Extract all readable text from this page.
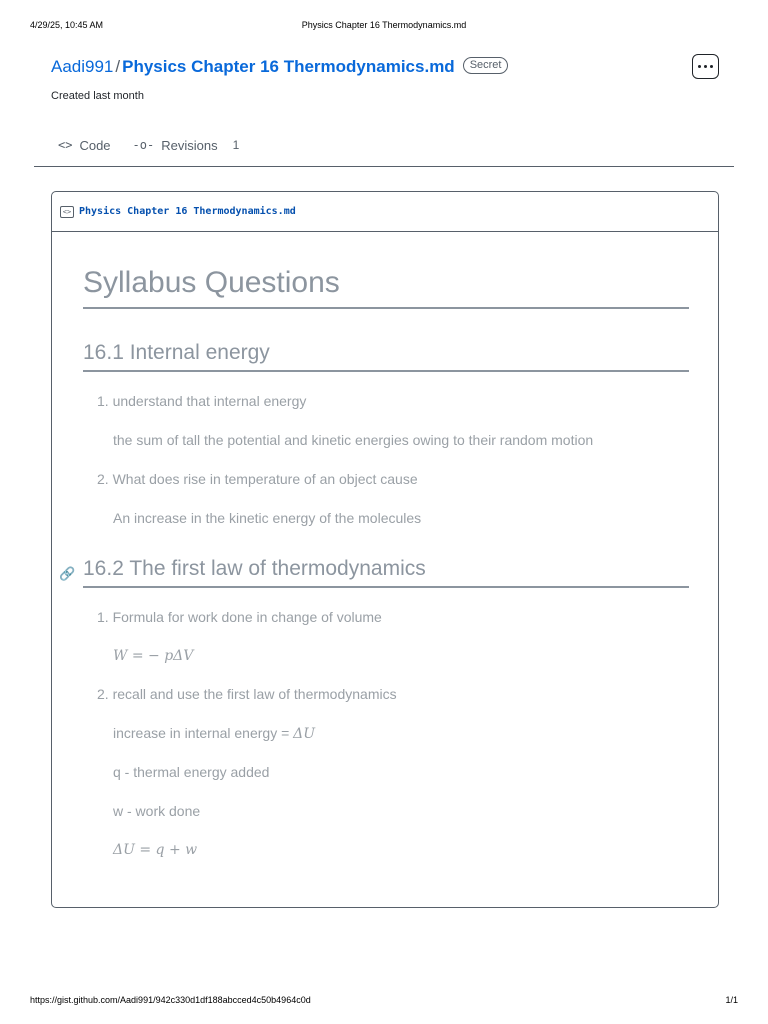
4/29/25, 10:45 AM	Physics Chapter 16 Thermodynamics.md
Aadi991 / Physics Chapter 16 Thermodynamics.md Secret
Created last month
<> Code -o- Revisions 1
<> Physics Chapter 16 Thermodynamics.md
Syllabus Questions
16.1 Internal energy
1. understand that internal energy
the sum of tall the potential and kinetic energies owing to their random motion
2. What does rise in temperature of an object cause
An increase in the kinetic energy of the molecules
🔗 16.2 The first law of thermodynamics
1. Formula for work done in change of volume
W = − pΔV
2. recall and use the first law of thermodynamics
increase in internal energy = ΔU
q - thermal energy added
w - work done
ΔU = q + w
https://gist.github.com/Aadi991/942c330d1df188abcced4c50b4964c0d	1/1
